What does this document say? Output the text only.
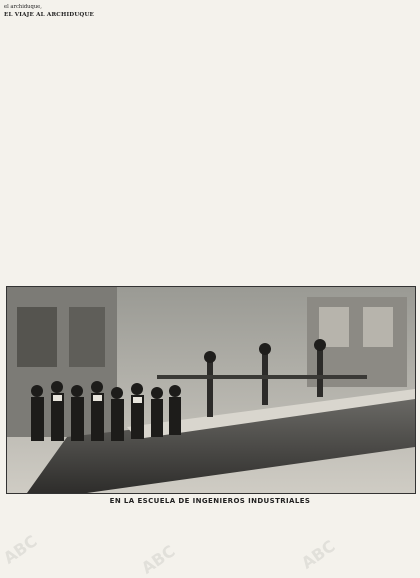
el archiduque,

EL VIAJE AL ARCHIDUQUE

EN LA ESCUELA DE INGENIEROS INDUSTRIALES
ABC	ABC	ABC
